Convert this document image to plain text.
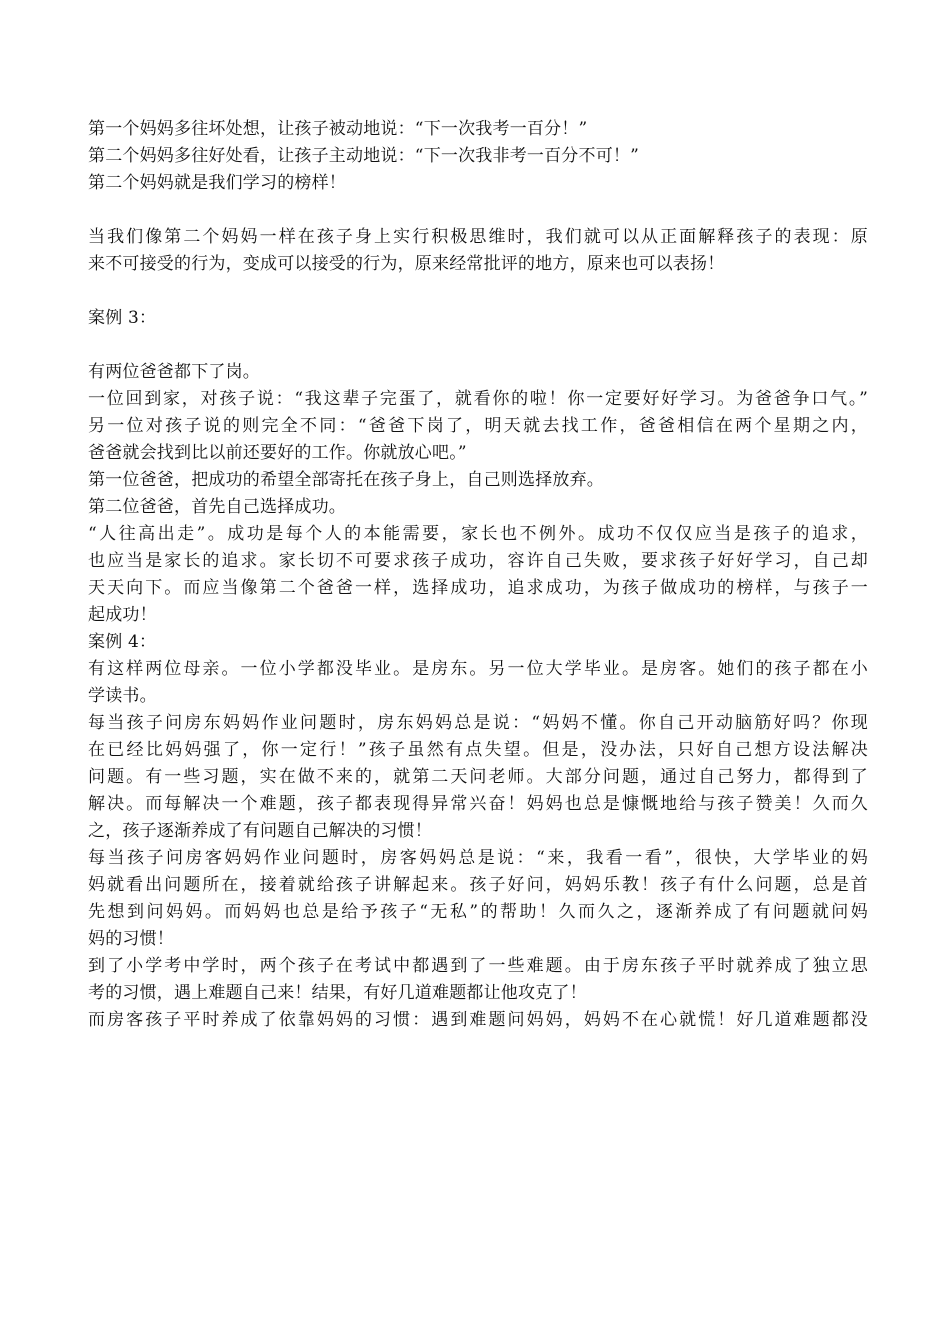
第一个妈妈多往坏处想，让孩子被动地说：“下一次我考一百分！”
第二个妈妈多往好处看，让孩子主动地说：“下一次我非考一百分不可！”
第二个妈妈就是我们学习的榜样！
当我们像第二个妈妈一样在孩子身上实行积极思维时，我们就可以从正面解释孩子的表现：原
来不可接受的行为，变成可以接受的行为，原来经常批评的地方，原来也可以表扬！
案例 3：
有两位爸爸都下了岗。
一位回到家，对孩子说：“我这辈子完蛋了，就看你的啦！你一定要好好学习。为爸爸争口气。”
另一位对孩子说的则完全不同：“爸爸下岗了，明天就去找工作，爸爸相信在两个星期之内，
爸爸就会找到比以前还要好的工作。你就放心吧。”
第一位爸爸，把成功的希望全部寄托在孩子身上，自己则选择放弃。
第二位爸爸，首先自己选择成功。
“人往高出走”。成功是每个人的本能需要，家长也不例外。成功不仅仅应当是孩子的追求，
也应当是家长的追求。家长切不可要求孩子成功，容许自己失败，要求孩子好好学习，自己却
天天向下。而应当像第二个爸爸一样，选择成功，追求成功，为孩子做成功的榜样，与孩子一
起成功！
案例 4：
有这样两位母亲。一位小学都没毕业。是房东。另一位大学毕业。是房客。她们的孩子都在小
学读书。
每当孩子问房东妈妈作业问题时，房东妈妈总是说：“妈妈不懂。你自己开动脑筋好吗？你现
在已经比妈妈强了，你一定行！”孩子虽然有点失望。但是，没办法，只好自己想方设法解决
问题。有一些习题，实在做不来的，就第二天问老师。大部分问题，通过自己努力，都得到了
解决。而每解决一个难题，孩子都表现得异常兴奋！妈妈也总是慷慨地给与孩子赞美！久而久
之，孩子逐渐养成了有问题自己解决的习惯！
每当孩子问房客妈妈作业问题时，房客妈妈总是说：“来，我看一看”，很快，大学毕业的妈
妈就看出问题所在，接着就给孩子讲解起来。孩子好问，妈妈乐教！孩子有什么问题，总是首
先想到问妈妈。而妈妈也总是给予孩子“无私”的帮助！久而久之，逐渐养成了有问题就问妈
妈的习惯！
到了小学考中学时，两个孩子在考试中都遇到了一些难题。由于房东孩子平时就养成了独立思
考的习惯，遇上难题自己来！结果，有好几道难题都让他攻克了！
而房客孩子平时养成了依靠妈妈的习惯：遇到难题问妈妈，妈妈不在心就慌！好几道难题都没
